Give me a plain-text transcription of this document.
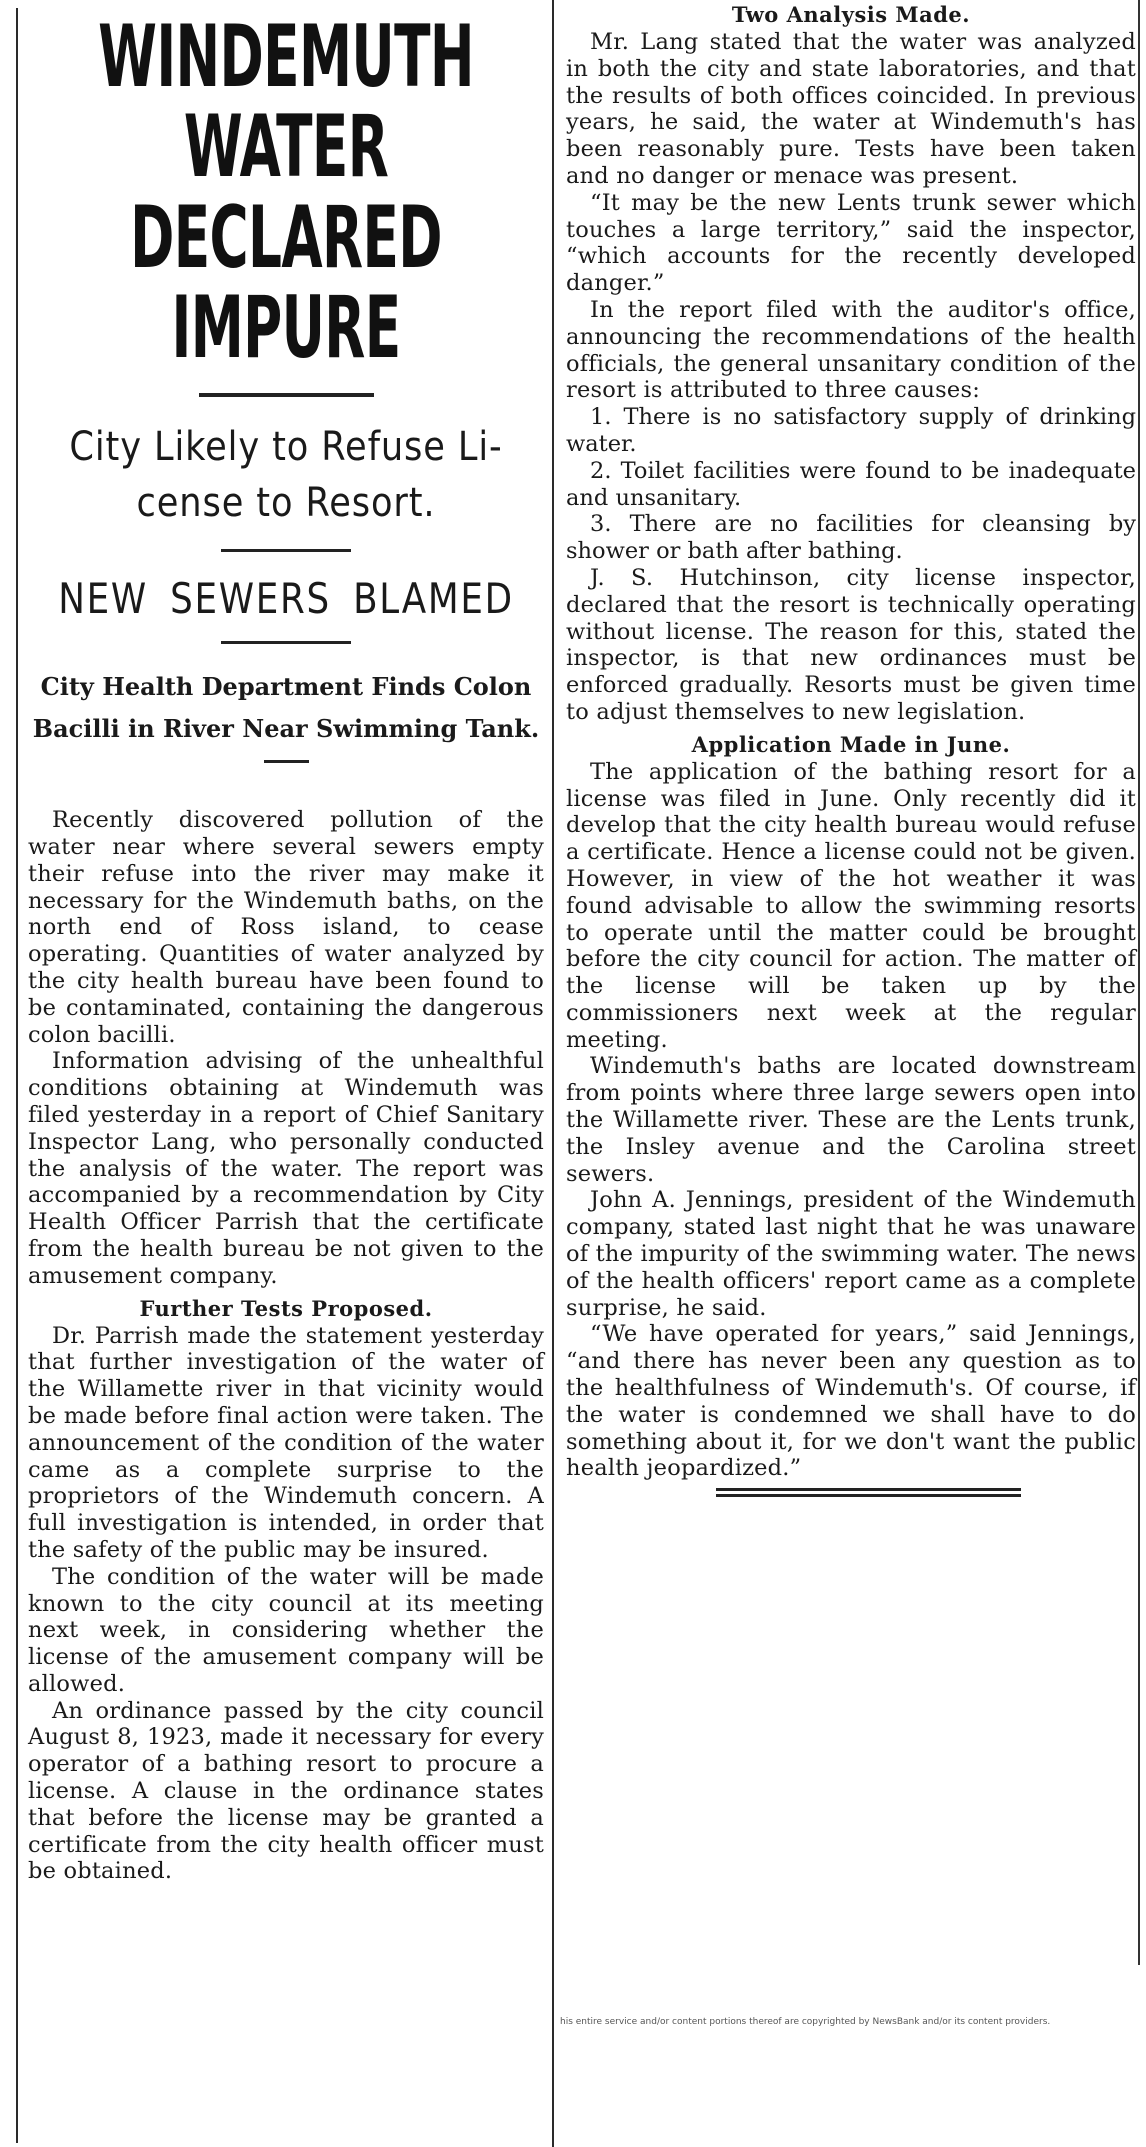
WINDEMUTH WATER
DECLARED IMPURE
City Likely to Refuse Li-
cense to Resort.
NEW SEWERS BLAMED
City Health Department Finds Colon Bacilli in River Near Swimming Tank.

Recently discovered pollution of the water near where several sewers empty their refuse into the river may make it necessary for the Windemuth baths, on the north end of Ross island, to cease operating. Quantities of water analyzed by the city health bureau have been found to be contaminated, containing the dangerous colon bacilli.

Information advising of the unhealthful conditions obtaining at Windemuth was filed yesterday in a report of Chief Sanitary Inspector Lang, who personally conducted the analysis of the water. The report was accompanied by a recommendation by City Health Officer Parrish that the certificate from the health bureau be not given to the amusement company.

Further Tests Proposed.

Dr. Parrish made the statement yesterday that further investigation of the water of the Willamette river in that vicinity would be made before final action were taken. The announcement of the condition of the water came as a complete surprise to the proprietors of the Windemuth concern. A full investigation is intended, in order that the safety of the public may be insured.

The condition of the water will be made known to the city council at its meeting next week, in considering whether the license of the amusement company will be allowed.

An ordinance passed by the city council August 8, 1923, made it necessary for every operator of a bathing resort to procure a license. A clause in the ordinance states that before the license may be granted a certificate from the city health officer must be obtained.

Two Analysis Made.

Mr. Lang stated that the water was analyzed in both the city and state laboratories, and that the results of both offices coincided. In previous years, he said, the water at Windemuth's has been reasonably pure. Tests have been taken and no danger or menace was present.

“It may be the new Lents trunk sewer which touches a large territory,” said the inspector, “which accounts for the recently developed danger.”

In the report filed with the auditor's office, announcing the recommendations of the health officials, the general unsanitary condition of the resort is attributed to three causes:

1. There is no satisfactory supply of drinking water.

2. Toilet facilities were found to be inadequate and unsanitary.

3. There are no facilities for cleansing by shower or bath after bathing.

J. S. Hutchinson, city license inspector, declared that the resort is technically operating without license. The reason for this, stated the inspector, is that new ordinances must be enforced gradually. Resorts must be given time to adjust themselves to new legislation.

Application Made in June.

The application of the bathing resort for a license was filed in June. Only recently did it develop that the city health bureau would refuse a certificate. Hence a license could not be given. However, in view of the hot weather it was found advisable to allow the swimming resorts to operate until the matter could be brought before the city council for action. The matter of the license will be taken up by the commissioners next week at the regular meeting.

Windemuth's baths are located downstream from points where three large sewers open into the Willamette river. These are the Lents trunk, the Insley avenue and the Carolina street sewers.

John A. Jennings, president of the Windemuth company, stated last night that he was unaware of the impurity of the swimming water. The news of the health officers' report came as a complete surprise, he said.

“We have operated for years,” said Jennings, “and there has never been any question as to the healthfulness of Windemuth's. Of course, if the water is condemned we shall have to do something about it, for we don't want the public health jeopardized.”

his entire service and/or content portions thereof are copyrighted by NewsBank and/or its content providers.
